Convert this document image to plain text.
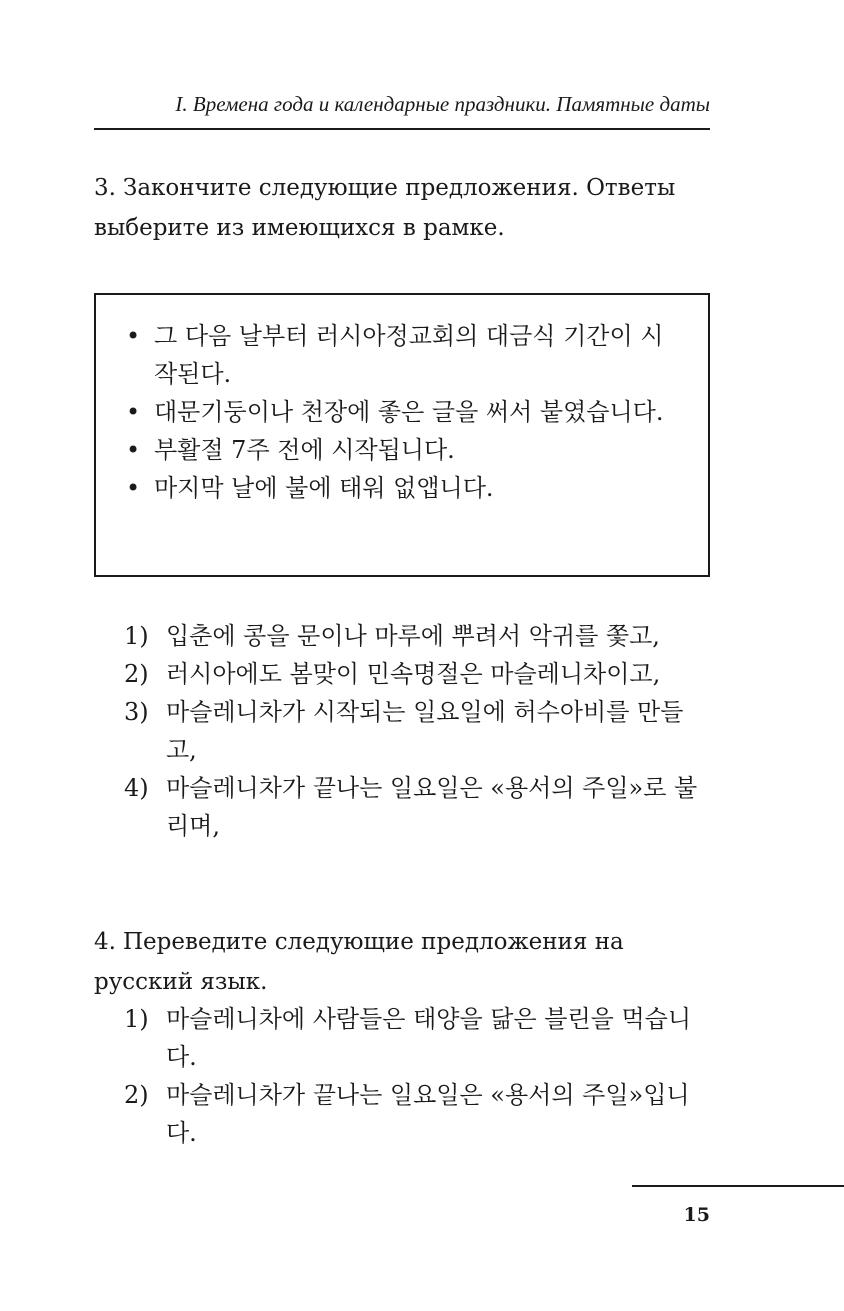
I. Времена года и календарные праздники. Памятные даты
3. Закончите следующие предложения. Ответы выберите из имеющихся в рамке.
• 그 다음 날부터 러시아정교회의 대금식 기간이 시작된다.
• 대문기둥이나 천장에 좋은 글을 써서 붙였습니다.
• 부활절 7주 전에 시작됩니다.
• 마지막 날에 불에 태워 없앱니다.
1) 입춘에 콩을 문이나 마루에 뿌려서 악귀를 쫓고,
2) 러시아에도 봄맞이 민속명절은 마슬레니차이고,
3) 마슬레니차가 시작되는 일요일에 허수아비를 만들고,
4) 마슬레니차가 끝나는 일요일은 «용서의 주일»로 불리며,
4. Переведите следующие предложения на русский язык.
1) 마슬레니차에 사람들은 태양을 닮은 블린을 먹습니다.
2) 마슬레니차가 끝나는 일요일은 «용서의 주일»입니다.
15
